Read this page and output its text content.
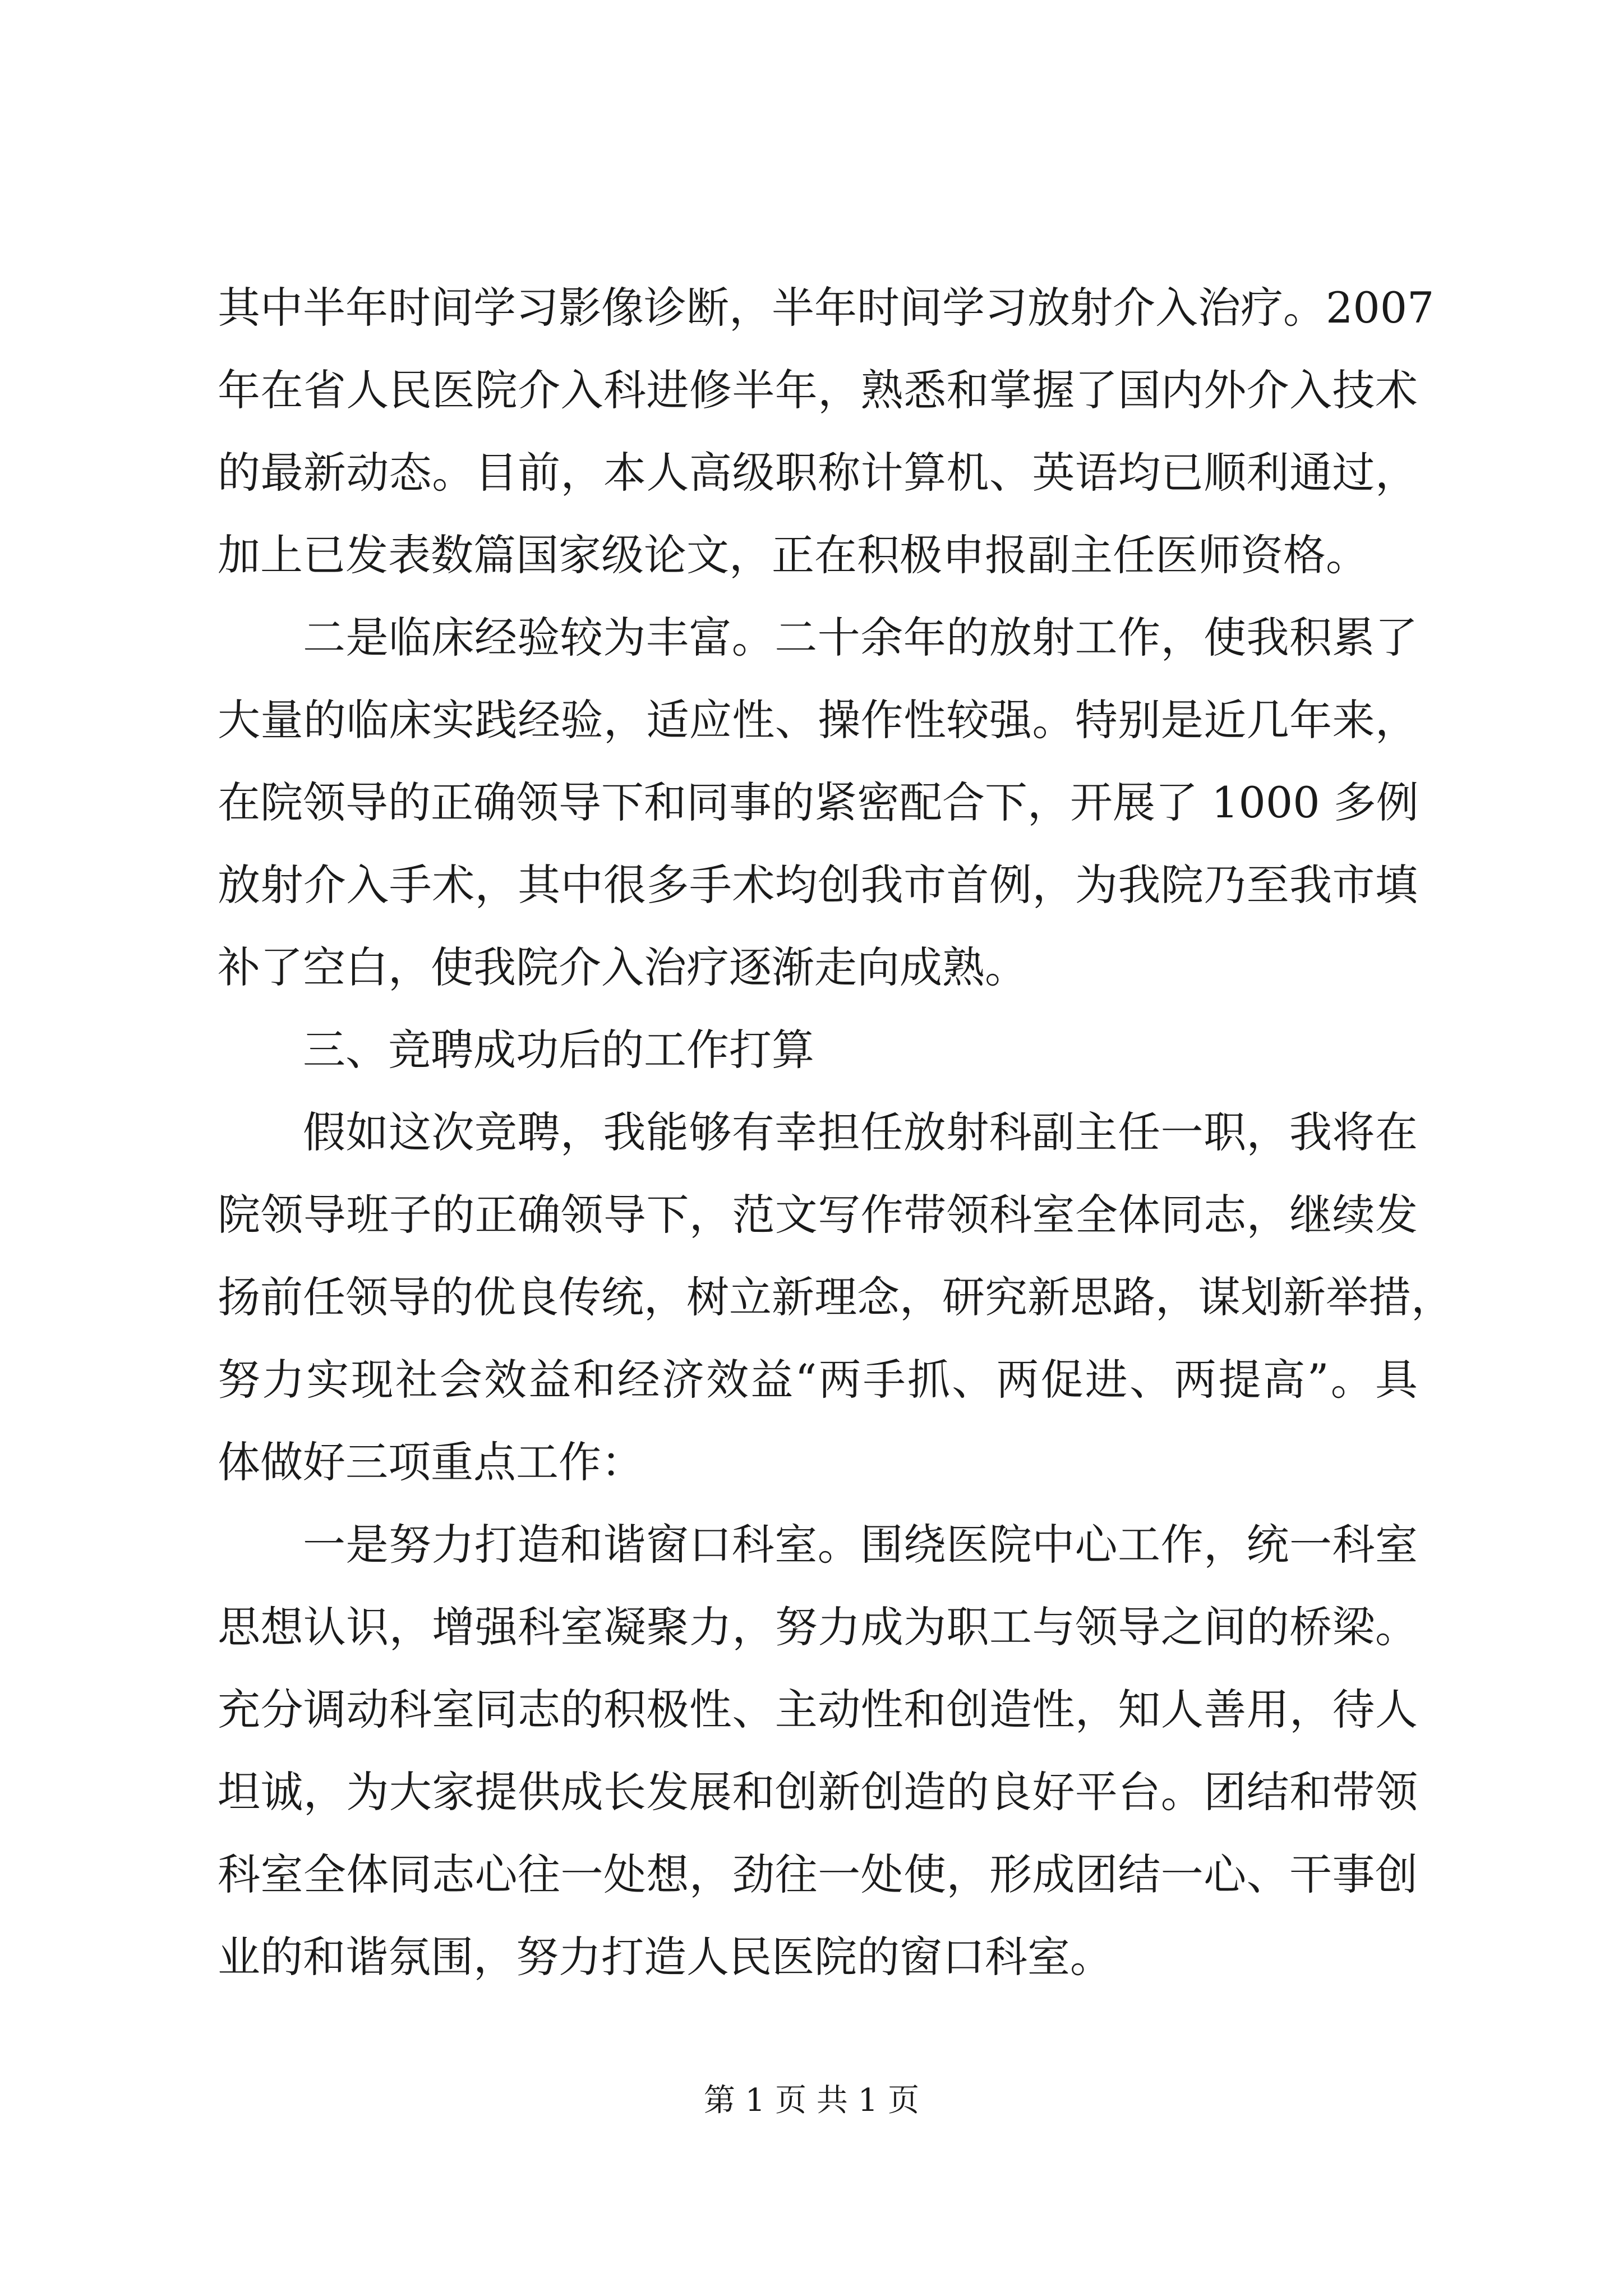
其中半年时间学习影像诊断，半年时间学习放射介入治疗。2007
年在省人民医院介入科进修半年，熟悉和掌握了国内外介入技术
的最新动态。目前，本人高级职称计算机、英语均已顺利通过，
加上已发表数篇国家级论文，正在积极申报副主任医师资格。
二是临床经验较为丰富。二十余年的放射工作，使我积累了
大量的临床实践经验，适应性、操作性较强。特别是近几年来，
在院领导的正确领导下和同事的紧密配合下，开展了 1000 多例
放射介入手术，其中很多手术均创我市首例，为我院乃至我市填
补了空白，使我院介入治疗逐渐走向成熟。
三、竞聘成功后的工作打算
假如这次竞聘，我能够有幸担任放射科副主任一职，我将在
院领导班子的正确领导下，范文写作带领科室全体同志，继续发
扬前任领导的优良传统，树立新理念，研究新思路，谋划新举措，
努力实现社会效益和经济效益“两手抓、两促进、两提高”。具
体做好三项重点工作：
一是努力打造和谐窗口科室。围绕医院中心工作，统一科室
思想认识，增强科室凝聚力，努力成为职工与领导之间的桥梁。
充分调动科室同志的积极性、主动性和创造性，知人善用，待人
坦诚，为大家提供成长发展和创新创造的良好平台。团结和带领
科室全体同志心往一处想，劲往一处使，形成团结一心、干事创
业的和谐氛围，努力打造人民医院的窗口科室。
第 1 页 共 1 页
